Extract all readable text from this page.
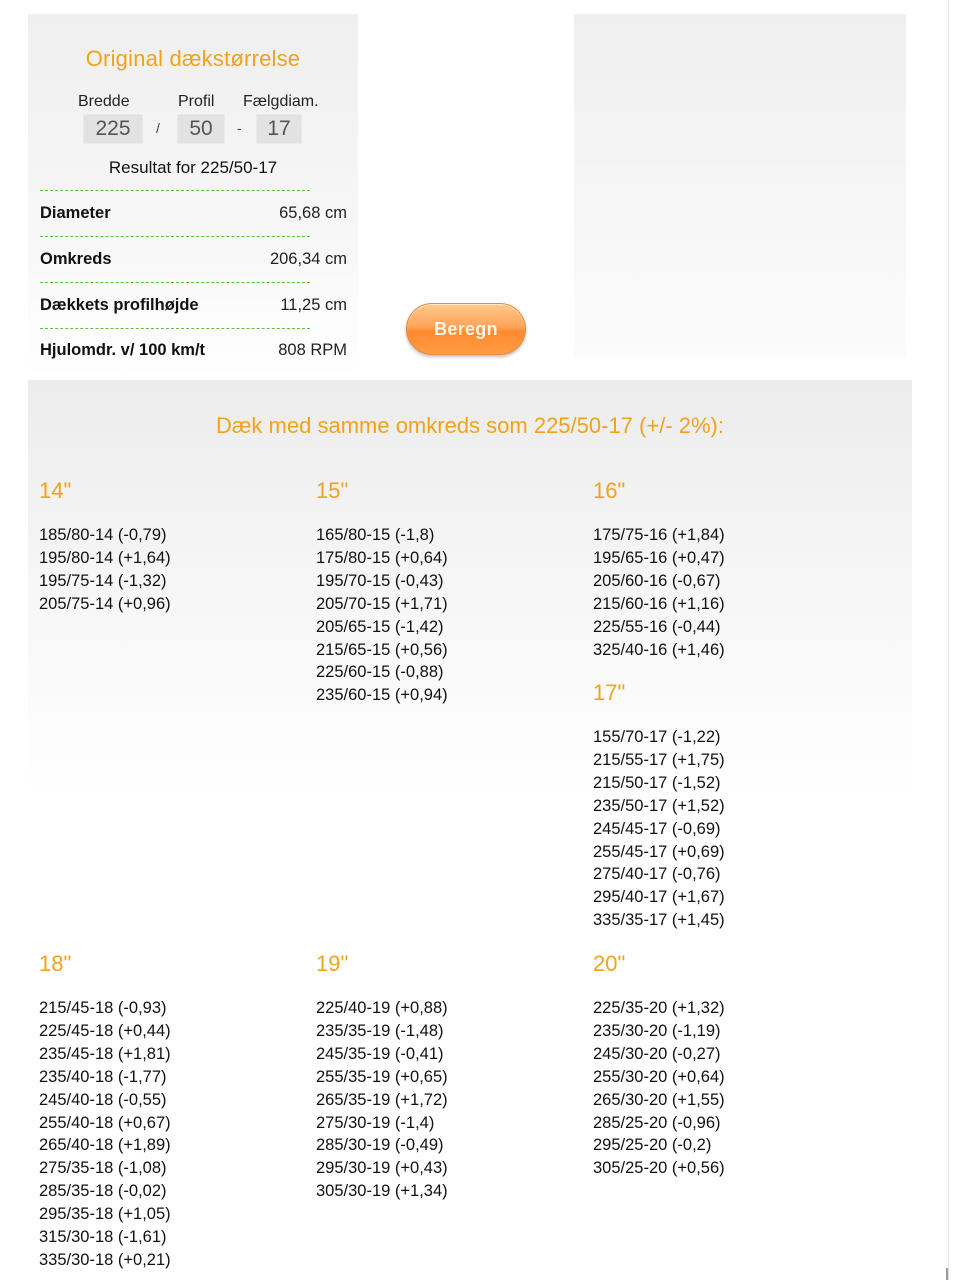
Original dækstørrelse
Bredde	Profil Fælgdiam.
225	/	50	-	17
Resultat for 225/50-17
Diameter	65,68 cm
Omkreds	206,34 cm
Dækkets profilhøjde	11,25 cm
Hjulomdr. v/ 100 km/t	808 RPM
Beregn
Dæk med samme omkreds som 225/50-17 (+/- 2%):
14"
185/80-14 (-0,79)
195/80-14 (+1,64)
195/75-14 (-1,32)
205/75-14 (+0,96)
15"
165/80-15 (-1,8)
175/80-15 (+0,64)
195/70-15 (-0,43)
205/70-15 (+1,71)
205/65-15 (-1,42)
215/65-15 (+0,56)
225/60-15 (-0,88)
235/60-15 (+0,94)
16"
175/75-16 (+1,84)
195/65-16 (+0,47)
205/60-16 (-0,67)
215/60-16 (+1,16)
225/55-16 (-0,44)
325/40-16 (+1,46)
17"
155/70-17 (-1,22)
215/55-17 (+1,75)
215/50-17 (-1,52)
235/50-17 (+1,52)
245/45-17 (-0,69)
255/45-17 (+0,69)
275/40-17 (-0,76)
295/40-17 (+1,67)
335/35-17 (+1,45)
18"
215/45-18 (-0,93)
225/45-18 (+0,44)
235/45-18 (+1,81)
235/40-18 (-1,77)
245/40-18 (-0,55)
255/40-18 (+0,67)
265/40-18 (+1,89)
275/35-18 (-1,08)
285/35-18 (-0,02)
295/35-18 (+1,05)
315/30-18 (-1,61)
335/30-18 (+0,21)
19"
225/40-19 (+0,88)
235/35-19 (-1,48)
245/35-19 (-0,41)
255/35-19 (+0,65)
265/35-19 (+1,72)
275/30-19 (-1,4)
285/30-19 (-0,49)
295/30-19 (+0,43)
305/30-19 (+1,34)
20"
225/35-20 (+1,32)
235/30-20 (-1,19)
245/30-20 (-0,27)
255/30-20 (+0,64)
265/30-20 (+1,55)
285/25-20 (-0,96)
295/25-20 (-0,2)
305/25-20 (+0,56)
